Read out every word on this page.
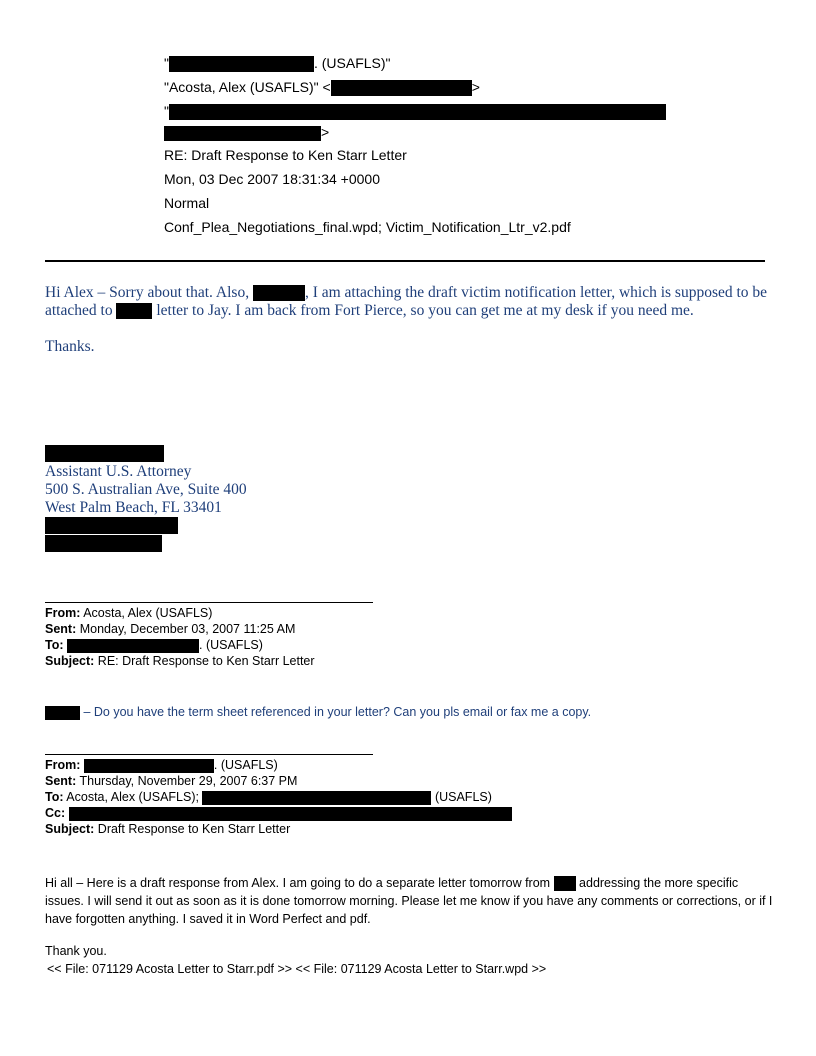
"	. (USAFLS)"
"Acosta, Alex (USAFLS)" <	>
"
>
RE: Draft Response to Ken Starr Letter
Mon, 03 Dec 2007 18:31:34 +0000
Normal
Conf_Plea_Negotiations_final.wpd; Victim_Notification_Ltr_v2.pdf
Hi Alex – Sorry about that. Also,	, I am attaching the draft victim notification letter, which is supposed to be attached to  letter to Jay. I am back from Fort Pierce, so you can get me at my desk if you need me.
Thanks.
Assistant U.S. Attorney
500 S. Australian Ave, Suite 400
West Palm Beach, FL 33401
From: Acosta, Alex (USAFLS)
Sent: Monday, December 03, 2007 11:25 AM
To:	. (USAFLS)
Subject: RE: Draft Response to Ken Starr Letter
– Do you have the term sheet referenced in your letter? Can you pls email or fax me a copy.
From:	. (USAFLS)
Sent: Thursday, November 29, 2007 6:37 PM
To: Acosta, Alex (USAFLS);	(USAFLS)
Cc:
Subject: Draft Response to Ken Starr Letter
Hi all – Here is a draft response from Alex. I am going to do a separate letter tomorrow from  addressing the more specific issues. I will send it out as soon as it is done tomorrow morning. Please let me know if you have any comments or corrections, or if I have forgotten anything. I saved it in Word Perfect and pdf.
Thank you.
<< File: 071129 Acosta Letter to Starr.pdf >> << File: 071129 Acosta Letter to Starr.wpd >>
